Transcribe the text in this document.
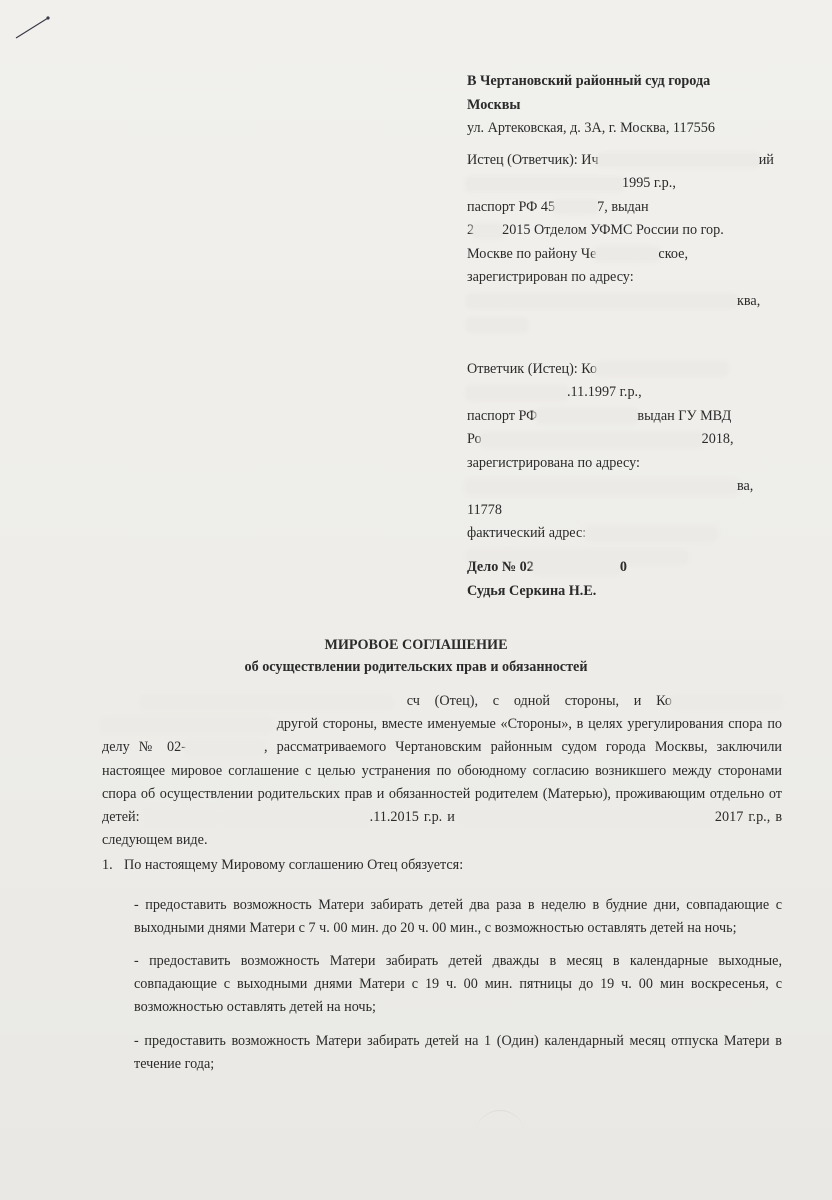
В Чертановский районный суд города

Москвы

ул. Артековская, д. 3А, г. Москва, 117556

Истец (Ответчик): Ич	ий

1995 г.р.,

паспорт РФ 45	7, выдан

2 2015 Отделом УФМС России по гор.

Москве по району Че	ское,

зарегистрирован по адресу:

ква,

Ответчик (Истец): Ко

.11.1997 г.р.,

паспорт РФ	выдан ГУ МВД

Ро	2018,

зарегистрирована по адресу:

ва,

11778

фактический адрес:

Дело № 02	0

Судья Серкина Н.Е.

МИРОВОЕ СОГЛАШЕНИЕ
об осуществлении родительских прав и обязанностей

сч (Отец), с одной стороны, и Ко  другой стороны, вместе именуемые «Стороны», в целях урегулирования спора по делу № 02-	, рассматриваемого Чертановским районным судом города Москвы, заключили настоящее мировое соглашение с целью устранения по обоюдному согласию возникшего между сторонами спора об осуществлении родительских прав и обязанностей родителем (Матерью), проживающим отдельно от детей:	.11.2015 г.р. и	2017 г.р., в следующем виде.

1. По настоящему Мировому соглашению Отец обязуется:

- предоставить возможность Матери забирать детей два раза в неделю в будние дни, совпадающие с выходными днями Матери с 7 ч. 00 мин. до 20 ч. 00 мин., с возможностью оставлять детей на ночь;

- предоставить возможность Матери забирать детей дважды в месяц в календарные выходные, совпадающие с выходными днями Матери с 19 ч. 00 мин. пятницы до 19 ч. 00 мин воскресенья, с возможностью оставлять детей на ночь;

- предоставить возможность Матери забирать детей на 1 (Один) календарный месяц отпуска Матери в течение года;
